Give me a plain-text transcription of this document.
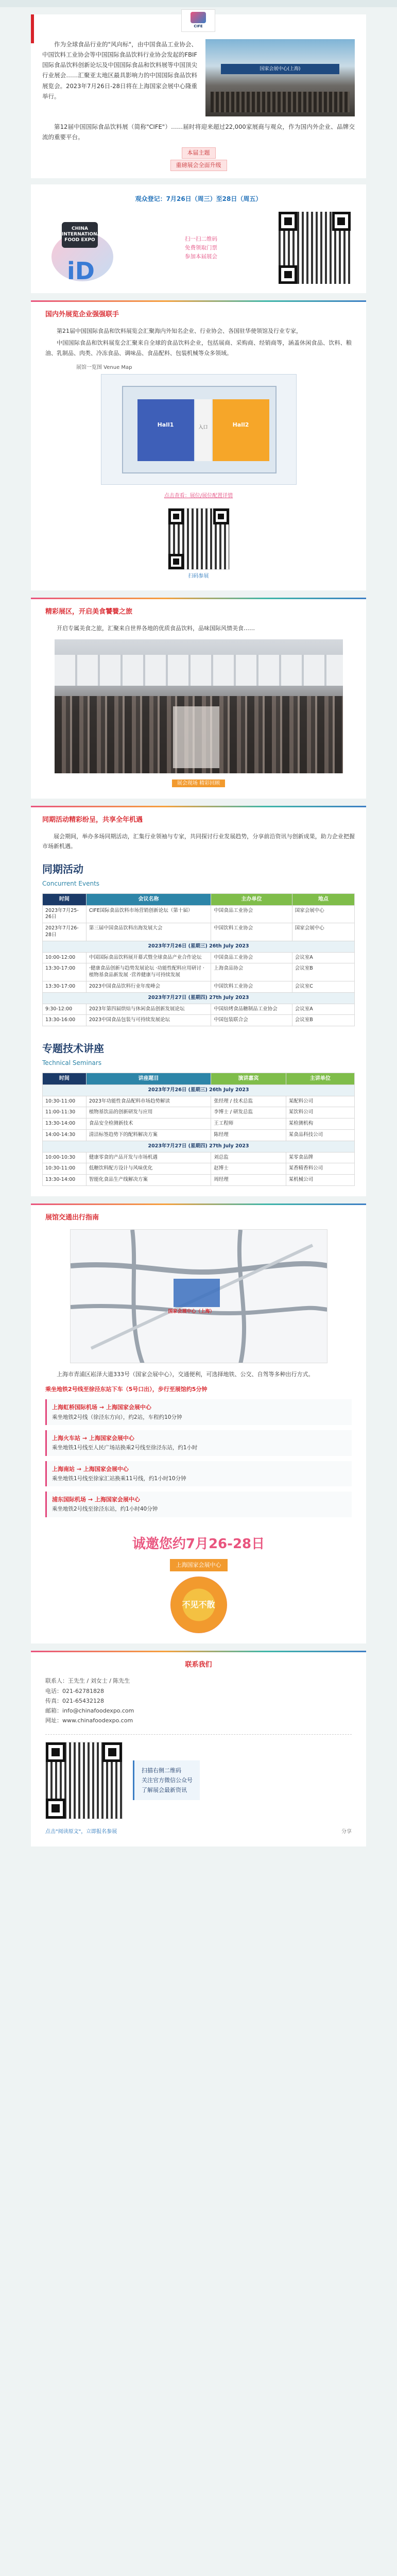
CIFE

作为全球食品行业的"风向标"，由中国食品工业协会、中国饮料工业协会等中国国际食品饮料行业协会发起的FBIF国际食品饮料创新论坛及中国国际食品和饮料展等中国顶尖行业展会……汇聚亚太地区最具影响力的中国国际食品饮料展览会。2023年7月26日-28日将在上海国家会展中心隆重举行。

国家会展中心(上海)

第12届中国国际食品饮料展（简称"CIFE"）……届时将迎来超过22,000家展商与观众，作为国内外企业、品牌交流的重要平台。

本届主题
重磅展会全面升级
观众登记：7月26日（周三）至28日（周五）
CHINA INTERNATIONAL FOOD EXPO
iD
扫一扫二维码
免费领取门票
参加本届展会
国内外展览企业强强联手

第21届中国国际食品和饮料展览会汇聚海内外知名企业、行业协会、各国驻华使领馆及行业专家，

中国国际食品和饮料展览会汇聚来自全球的食品饮料企业，包括展商、采购商、经销商等，涵盖休闲食品、饮料、粮油、乳制品、肉类、冷冻食品、调味品、食品配料、包装机械等众多领域。

展馆一览图 Venue Map
Hall1	入口	Hall2
点击查看：展位/展位配置详情
扫码参展
精彩展区，开启美食饕餮之旅

开启专属美食之旅，汇聚来自世界各地的优质食品饮料，品味国际风情美食……

展会现场 精彩回顾
同期活动精彩纷呈，共享全年机遇

展会期间，举办多场同期活动，汇集行业领袖与专家，共同探讨行业发展趋势，分享前沿资讯与创新成果，助力企业把握市场新机遇。

同期活动
Concurrent Events
时间	会议名称	主办单位	地点
2023年7月25-26日	CIFE国际食品饮料市场营销创新论坛（第十届）	中国食品工业协会	国家会展中心
2023年7月26-28日	第三届中国食品饮料出海发展大会	中国饮料工业协会	国家会展中心
2023年7月26日 (星期三) 26th July 2023			
10:00-12:00	中国国际食品饮料展开幕式暨全球食品产业合作论坛	中国食品工业协会	会议室A
13:30-17:00	·健康食品创新与趋势发展论坛 ·功能性配料应用研讨 ·植物基食品新发展 ·营养健康与可持续发展	上海食品协会	会议室B
13:30-17:00	2023中国食品饮料行业年度峰会	中国饮料工业协会	会议室C
2023年7月27日 (星期四) 27th July 2023			
9:30-12:00	2023年第四届烘焙与休闲食品创新发展论坛	中国焙烤食品糖制品工业协会	会议室A
13:30-16:00	2023中国食品包装与可持续发展论坛	中国包装联合会	会议室B
专题技术讲座
Technical Seminars
时间	讲座题目	演讲嘉宾	主讲单位
2023年7月26日 (星期三) 26th July 2023			
10:30-11:00	2023年功能性食品配料市场趋势解读	张经理 / 技术总监	某配料公司
11:00-11:30	植物基饮品的创新研发与应用	李博士 / 研发总监	某饮料公司
13:30-14:00	食品安全检测新技术	王工程师	某检测机构
14:00-14:30	清洁标签趋势下的配料解决方案	陈经理	某食品科技公司
2023年7月27日 (星期四) 27th July 2023			
10:00-10:30	健康零食的产品开发与市场机遇	刘总监	某零食品牌
10:30-11:00	低糖饮料配方设计与风味优化	赵博士	某香精香料公司
13:30-14:00	智能化食品生产线解决方案	周经理	某机械公司
展馆交通出行指南
国家会展中心（上海）

上海市青浦区崧泽大道333号（国家会展中心），交通便利，可选择地铁、公交、自驾等多种出行方式。

乘坐地铁2号线至徐泾东站下车（5号口出），步行至展馆约5分钟
上海虹桥国际机场 → 上海国家会展中心
乘坐地铁2号线（徐泾东方向），约2站，车程约10分钟
上海火车站 → 上海国家会展中心
乘坐地铁1号线至人民广场站换乘2号线至徐泾东站，约1小时
上海南站 → 上海国家会展中心
乘坐地铁1号线至徐家汇站换乘11号线，约1小时10分钟
浦东国际机场 → 上海国家会展中心
乘坐地铁2号线至徐泾东站，约1小时40分钟
诚邀您约7月26-28日
上海国家会展中心
不见不散
联系我们
联系人：王先生 / 刘女士 / 陈先生
电话：021-62781828
传真：021-65432128
邮箱：info@chinafoodexpo.com
网址：www.chinafoodexpo.com
扫描右侧二维码
关注官方微信公众号
了解展会最新资讯
点击"阅读原文"，立即报名参展	分享
